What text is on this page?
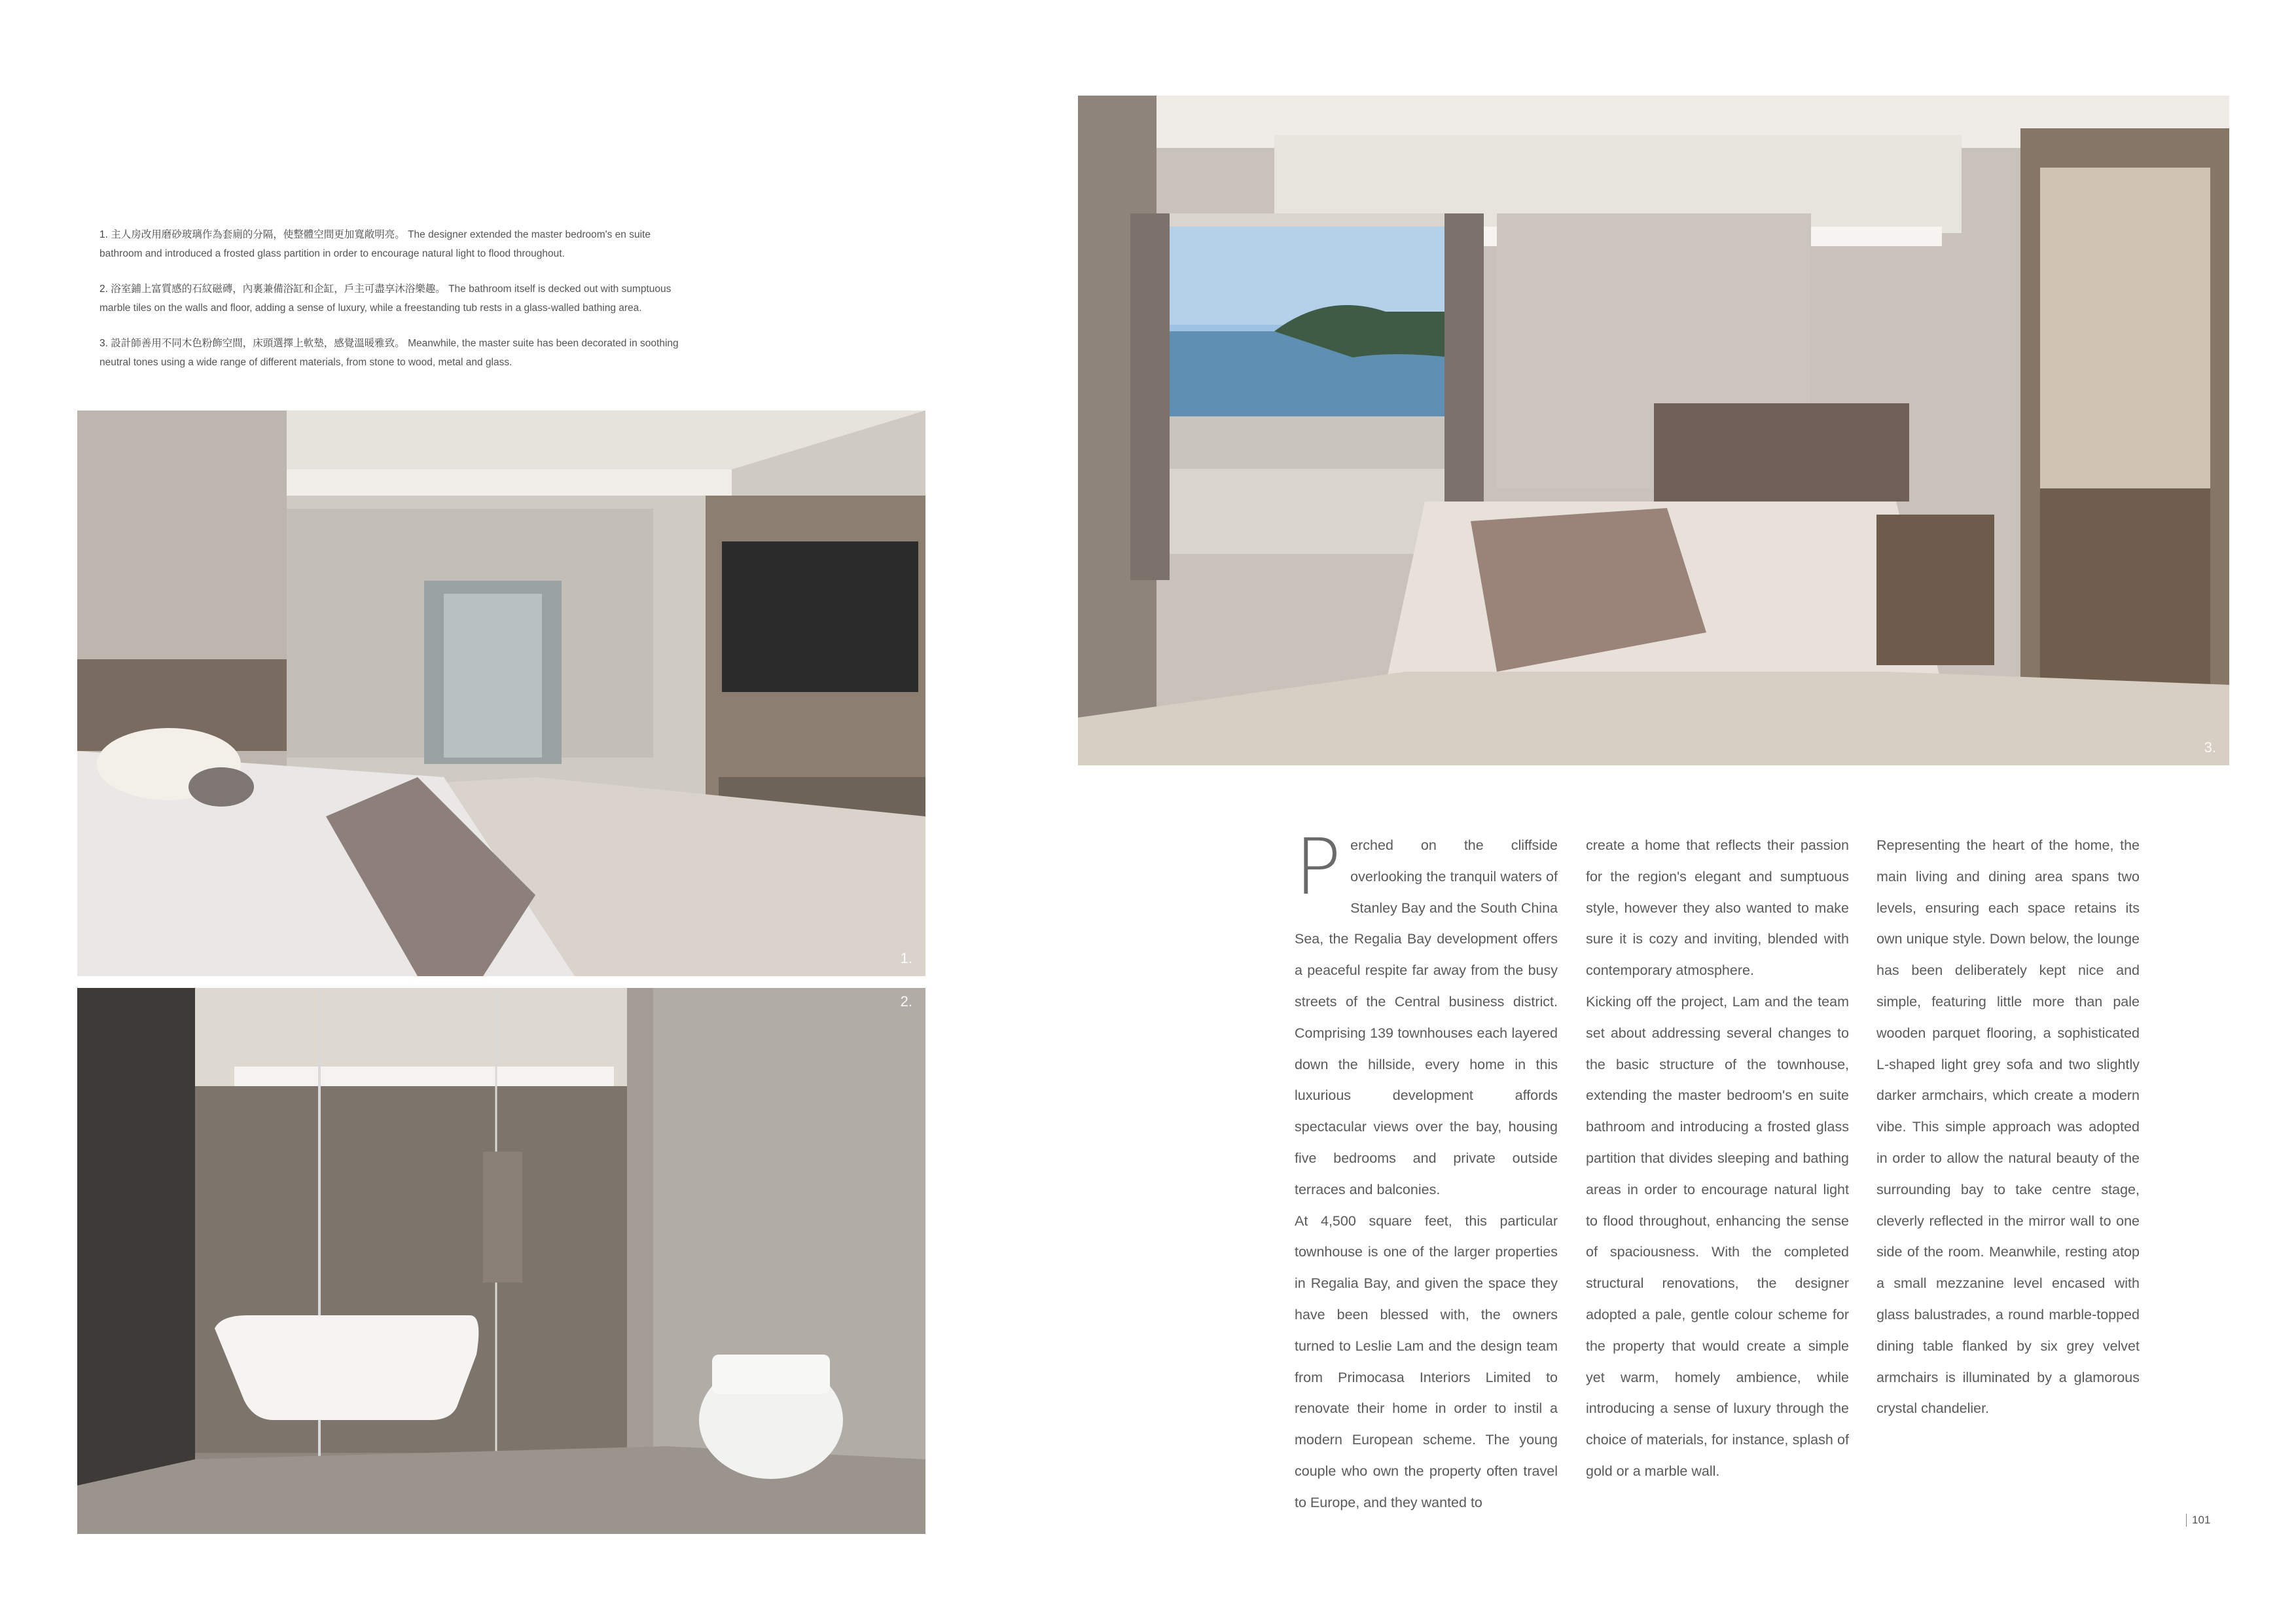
1. 主人房改用磨砂玻璃作為套廁的分隔，使整體空間更加寬敞明亮。 The designer extended the master bedroom's en suite bathroom and introduced a frosted glass partition in order to encourage natural light to flood throughout.

2. 浴室鋪上富質感的石紋磁磚，內裏兼備浴缸和企缸，戶主可盡享沐浴樂趣。 The bathroom itself is decked out with sumptuous marble tiles on the walls and floor, adding a sense of luxury, while a freestanding tub rests in a glass-walled bathing area.

3. 設計師善用不同木色粉飾空間，床頭選擇上軟墊，感覺溫暖雅致。 Meanwhile, the master suite has been decorated in soothing neutral tones using a wide range of different materials, from stone to wood, metal and glass.

1.
2.
3.

Perched on the cliffside overlooking the tranquil waters of Stanley Bay and the South China Sea, the Regalia Bay development offers a peaceful respite far away from the busy streets of the Central business district. Comprising 139 townhouses each layered down the hillside, every home in this luxurious development affords spectacular views over the bay, housing five bedrooms and private outside terraces and balconies.

At 4,500 square feet, this particular townhouse is one of the larger properties in Regalia Bay, and given the space they have been blessed with, the owners turned to Leslie Lam and the design team from Primocasa Interiors Limited to renovate their home in order to instil a modern European scheme. The young couple who own the property often travel to Europe, and they wanted to

create a home that reflects their passion for the region's elegant and sumptuous style, however they also wanted to make sure it is cozy and inviting, blended with contemporary atmosphere.

Kicking off the project, Lam and the team set about addressing several changes to the basic structure of the townhouse, extending the master bedroom's en suite bathroom and introducing a frosted glass partition that divides sleeping and bathing areas in order to encourage natural light to flood throughout, enhancing the sense of spaciousness. With the completed structural renovations, the designer adopted a pale, gentle colour scheme for the property that would create a simple yet warm, homely ambience, while introducing a sense of luxury through the choice of materials, for instance, splash of gold or a marble wall.

Representing the heart of the home, the main living and dining area spans two levels, ensuring each space retains its own unique style. Down below, the lounge has been deliberately kept nice and simple, featuring little more than pale wooden parquet flooring, a sophisticated L-shaped light grey sofa and two slightly darker armchairs, which create a modern vibe. This simple approach was adopted in order to allow the natural beauty of the surrounding bay to take centre stage, cleverly reflected in the mirror wall to one side of the room. Meanwhile, resting atop a small mezzanine level encased with glass balustrades, a round marble-topped dining table flanked by six grey velvet armchairs is illuminated by a glamorous crystal chandelier.

101
